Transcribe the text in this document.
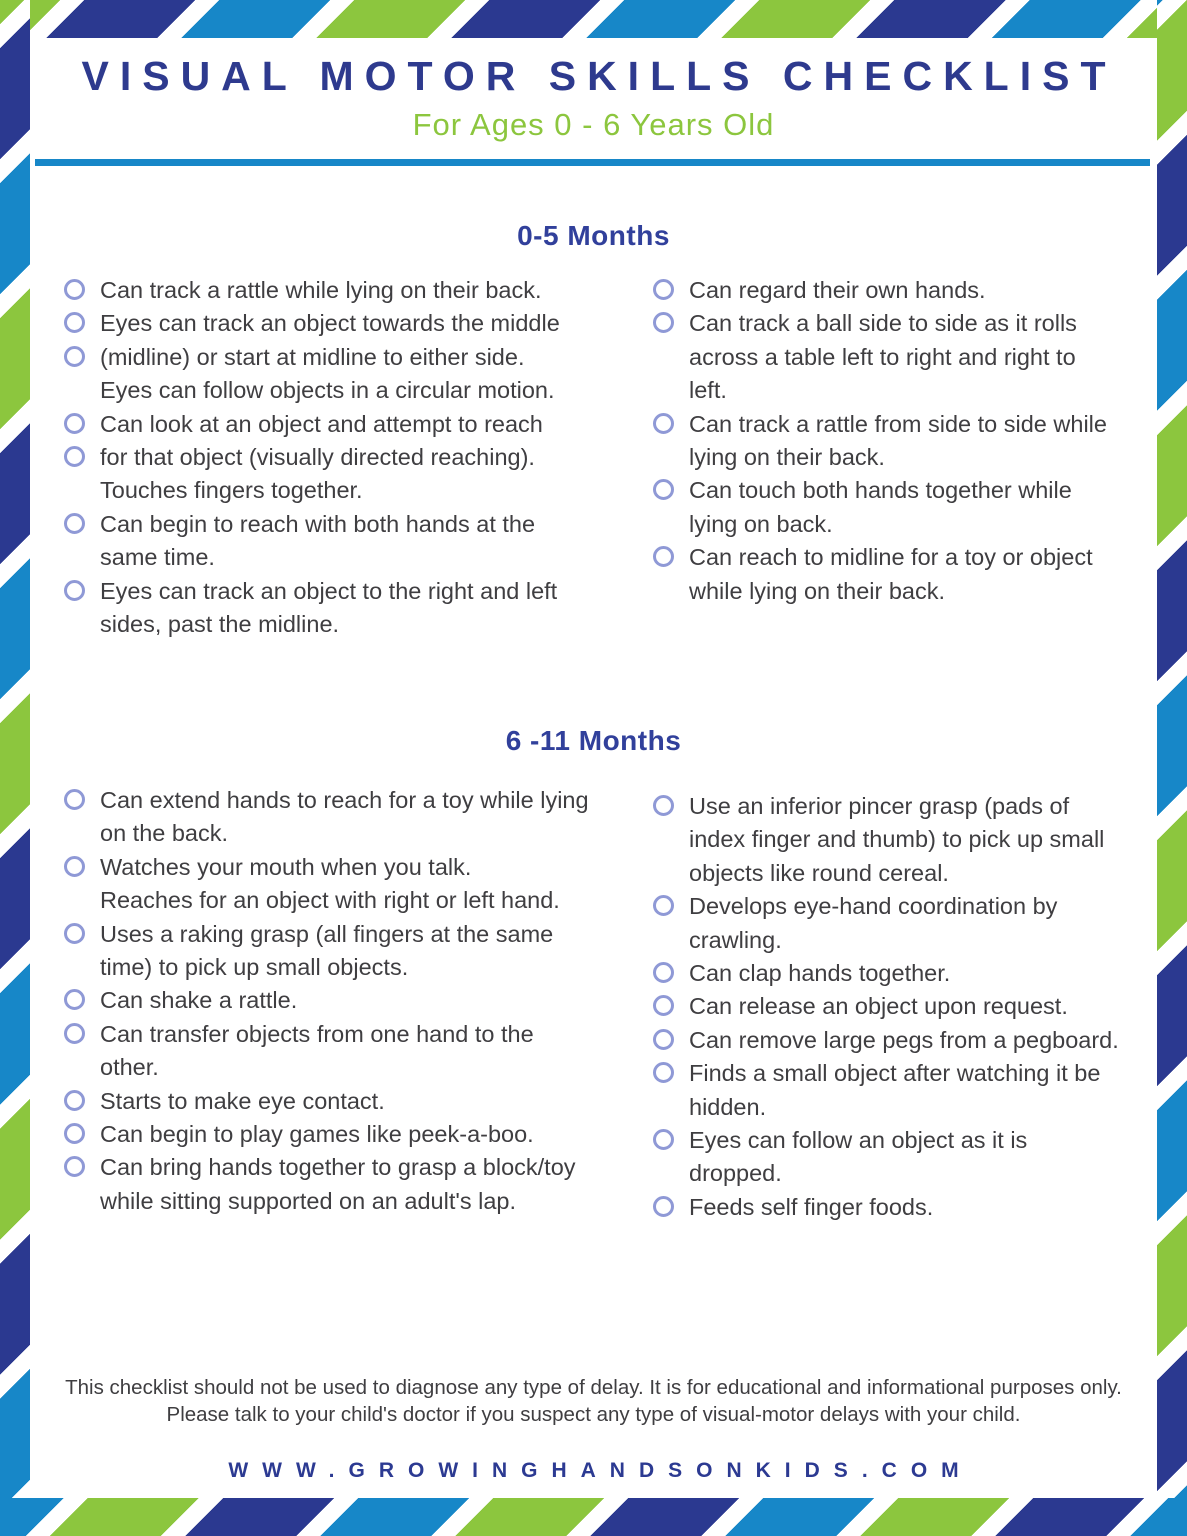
VISUAL MOTOR SKILLS CHECKLIST
For Ages 0 - 6 Years Old
0-5 Months
Can track a rattle while lying on their back.
Eyes can track an object towards the middle
(midline) or start at midline to either side.
Eyes can follow objects in a circular motion.
Can look at an object and attempt to reach
for that object (visually directed reaching).
Touches fingers together.
Can begin to reach with both hands at the
same time.
Eyes can track an object to the right and left
sides, past the midline.
Can regard their own hands.
Can track a ball side to side as it rolls
across a table left to right and right to
left.
Can track a rattle from side to side while
lying on their back.
Can touch both hands together while
lying on back.
Can reach to midline for a toy or object
while lying on their back.
6 -11 Months
Can extend hands to reach for a toy while lying
on the back.
Watches your mouth when you talk.
Reaches for an object with right or left hand.
Uses a raking grasp (all fingers at the same
time) to pick up small objects.
Can shake a rattle.
Can transfer objects from one hand to the
other.
Starts to make eye contact.
Can begin to play games like peek-a-boo.
Can bring hands together to grasp a block/toy
while sitting supported on an adult's lap.
Use an inferior pincer grasp (pads of
index finger and thumb) to pick up small
objects like round cereal.
Develops eye-hand coordination by
crawling.
Can clap hands together.
Can release an object upon request.
Can remove large pegs from a pegboard.
Finds a small object after watching it be
hidden.
Eyes can follow an object as it is
dropped.
Feeds self finger foods.
This checklist should not be used to diagnose any type of delay. It is for educational and informational purposes only.
Please talk to your child's doctor if you suspect any type of visual-motor delays with your child.
WWW.GROWINGHANDSONKIDS.COM
